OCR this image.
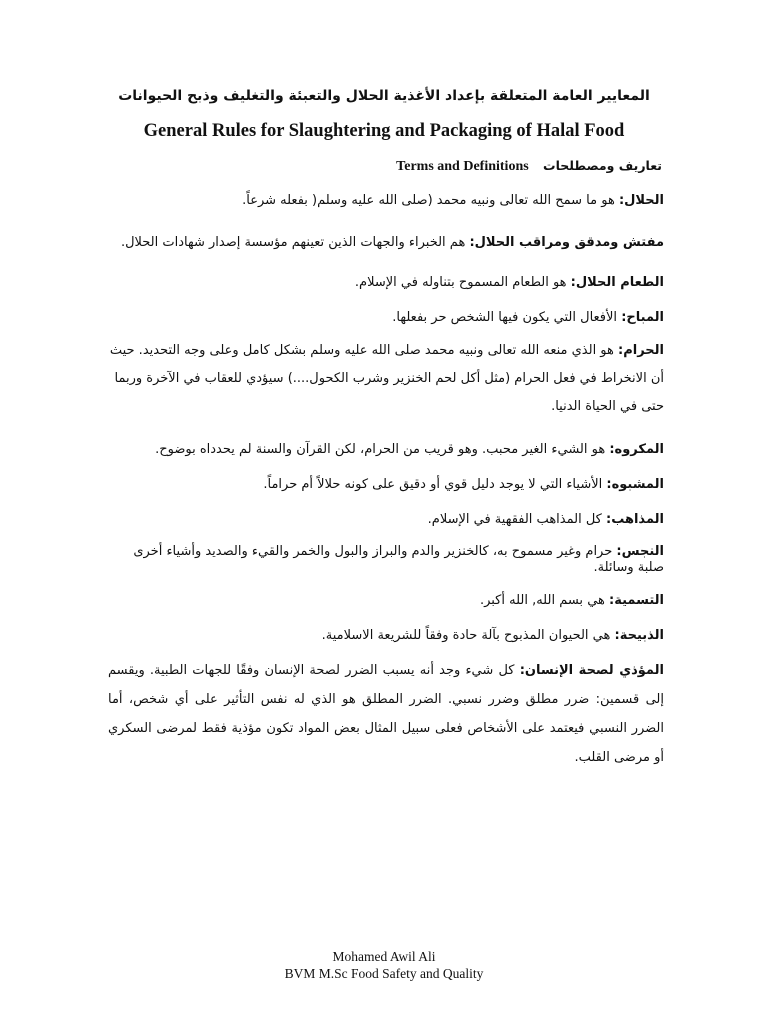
المعايير العامة المتعلقة بإعداد الأغذية الحلال والتعبئة والتغليف وذبح الحيوانات
General Rules for Slaughtering and Packaging of Halal Food
تعاريف ومصطلحات Terms and Definitions

الحلال: هو ما سمح الله تعالى ونبيه محمد (صلى الله عليه وسلم( بفعله شرعاً.

مفتش ومدقق ومراقب الحلال: هم الخبراء والجهات الذين تعينهم مؤسسة إصدار شهادات الحلال.

الطعام الحلال: هو الطعام المسموح بتناوله في الإسلام.

المباح: الأفعال التي يكون فيها الشخص حر بفعلها.

الحرام: هو الذي منعه الله تعالى ونبيه محمد صلى الله عليه وسلم بشكل كامل وعلى وجه التحديد. حيث أن الانخراط في فعل الحرام (مثل أكل لحم الخنزير وشرب الكحول....) سيؤدي للعقاب في الآخرة وربما حتى في الحياة الدنيا.

المكروه: هو الشيء الغير محبب. وهو قريب من الحرام، لكن القرآن والسنة لم يحدداه بوضوح.

المشبوه: الأشياء التي لا يوجد دليل قوي أو دقيق على كونه حلالاً أم حراماً.

المذاهب: كل المذاهب الفقهية في الإسلام.

النجس: حرام وغير مسموح به، كالخنزير والدم والبراز والبول والخمر والقيء والصديد وأشياء أخرى صلبة وسائلة.

التسمية: هي بسم الله, الله أكبر.

الذبيحة: هي الحيوان المذبوح بآلة حادة وفقاً للشريعة الاسلامية.

المؤذي لصحة الإنسان: كل شيء وجد أنه يسبب الضرر لصحة الإنسان وفقًا للجهات الطبية. ويقسم إلى قسمين: ضرر مطلق وضرر نسبي. الضرر المطلق هو الذي له نفس التأثير على أي شخص، أما الضرر النسبي فيعتمد على الأشخاص فعلى سبيل المثال بعض المواد تكون مؤذية فقط لمرضى السكري أو مرضى القلب.

Mohamed Awil Ali
BVM M.Sc Food Safety and Quality
